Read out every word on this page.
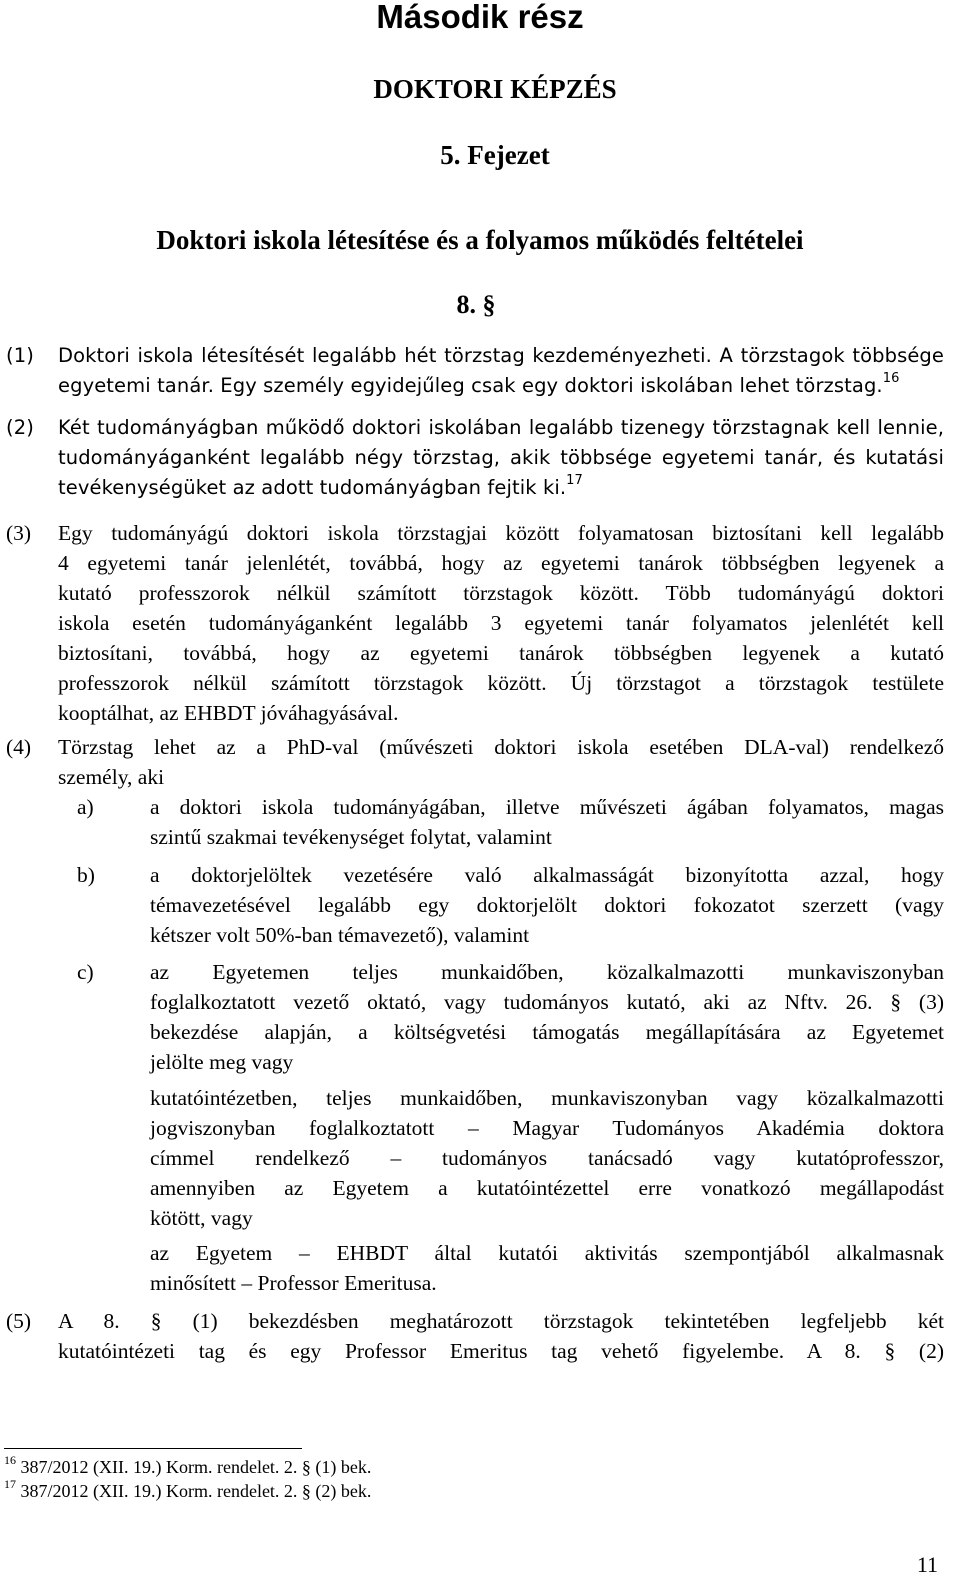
Második rész
DOKTORI KÉPZÉS
5. Fejezet
Doktori iskola létesítése és a folyamos működés feltételei
8. §
(1) Doktori iskola létesítését legalább hét törzstag kezdeményezheti. A törzstagok többsége
egyetemi tanár. Egy személy egyidejűleg csak egy doktori iskolában lehet törzstag.$^{16}$
(2) Két tudományágban működő doktori iskolában legalább tizenegy törzstagnak kell lennie,
tudományáganként legalább négy törzstag, akik többsége egyetemi tanár, és kutatási
tevékenységüket az adott tudományágban fejtik ki.$^{17}$
(3) Egy tudományágú doktori iskola törzstagjai között folyamatosan biztosítani kell legalább
4 egyetemi tanár jelenlétét, továbbá, hogy az egyetemi tanárok többségben legyenek a
kutató professzorok nélkül számított törzstagok között. Több tudományágú doktori
iskola esetén tudományáganként legalább 3 egyetemi tanár folyamatos jelenlétét kell
biztosítani, továbbá, hogy az egyetemi tanárok többségben legyenek a kutató
professzorok nélkül számított törzstagok között. Új törzstagot a törzstagok testülete
kooptálhat, az EHBDT jóváhagyásával.
(4) Törzstag lehet az a PhD-val (művészeti doktori iskola esetében DLA-val) rendelkező
személy, aki
a)	a doktori iskola tudományágában, illetve művészeti ágában folyamatos, magas
szintű szakmai tevékenységet folytat, valamint
b)	a doktorjelöltek vezetésére való alkalmasságát bizonyította azzal, hogy
témavezetésével legalább egy doktorjelölt doktori fokozatot szerzett (vagy
kétszer volt 50%-ban témavezető), valamint
c)	az Egyetemen teljes munkaidőben, közalkalmazotti munkaviszonyban
foglalkoztatott vezető oktató, vagy tudományos kutató, aki az Nftv. 26. § (3)
bekezdése alapján, a költségvetési támogatás megállapítására az Egyetemet
jelölte meg vagy
kutatóintézetben, teljes munkaidőben, munkaviszonyban vagy közalkalmazotti
jogviszonyban foglalkoztatott – Magyar Tudományos Akadémia doktora
címmel rendelkező – tudományos tanácsadó vagy kutatóprofesszor,
amennyiben az Egyetem a kutatóintézettel erre vonatkozó megállapodást
kötött, vagy
az Egyetem – EHBDT által kutatói aktivitás szempontjából alkalmasnak
minősített – Professor Emeritusa.
(5) A 8. § (1) bekezdésben meghatározott törzstagok tekintetében legfeljebb két
kutatóintézeti tag és egy Professor Emeritus tag vehető figyelembe. A 8. § (2)
$^{16}$ 387/2012 (XII. 19.) Korm. rendelet. 2. § (1) bek.
$^{17}$ 387/2012 (XII. 19.) Korm. rendelet. 2. § (2) bek.
11
